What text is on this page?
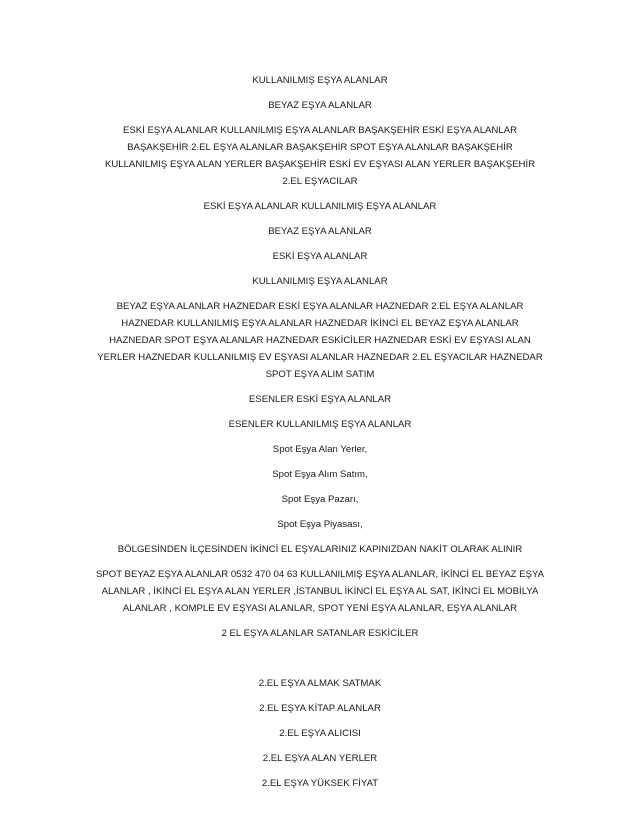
KULLANILMIŞ EŞYA ALANLAR

BEYAZ EŞYA ALANLAR

ESKİ EŞYA ALANLAR KULLANILMIŞ EŞYA ALANLAR BAŞAKŞEHİR ESKİ EŞYA ALANLAR BAŞAKŞEHİR 2.EL EŞYA ALANLAR BAŞAKŞEHİR SPOT EŞYA ALANLAR BAŞAKŞEHİR KULLANILMIŞ EŞYA ALAN YERLER BAŞAKŞEHİR ESKİ EV EŞYASI ALAN YERLER BAŞAKŞEHİR 2.EL EŞYACILAR

ESKİ EŞYA ALANLAR KULLANILMIŞ EŞYA ALANLAR

BEYAZ EŞYA ALANLAR

ESKİ EŞYA ALANLAR

KULLANILMIŞ EŞYA ALANLAR

BEYAZ EŞYA ALANLAR HAZNEDAR ESKİ EŞYA ALANLAR HAZNEDAR 2.EL EŞYA ALANLAR HAZNEDAR KULLANILMIŞ EŞYA ALANLAR HAZNEDAR İKİNCİ EL BEYAZ EŞYA ALANLAR HAZNEDAR SPOT EŞYA ALANLAR HAZNEDAR ESKİCİLER HAZNEDAR ESKİ EV EŞYASI ALAN YERLER HAZNEDAR KULLANILMIŞ EV EŞYASI ALANLAR HAZNEDAR 2.EL EŞYACILAR HAZNEDAR SPOT EŞYA ALIM SATIM

ESENLER ESKİ EŞYA ALANLAR

ESENLER KULLANILMIŞ EŞYA ALANLAR

Spot Eşya Alan Yerler,

Spot Eşya Alım Satım,

Spot Eşya Pazarı,

Spot Eşya Piyasası,

BÖLGESİNDEN İLÇESİNDEN İKİNCİ EL EŞYALARINIZ KAPINIZDAN NAKİT OLARAK ALINIR

SPOT BEYAZ EŞYA ALANLAR 0532 470 04 63 KULLANILMIŞ EŞYA ALANLAR, İKİNCİ EL BEYAZ EŞYA ALANLAR , İKİNCİ EL EŞYA ALAN YERLER ,İSTANBUL İKİNCİ EL EŞYA AL SAT, İKİNCİ EL MOBİLYA ALANLAR , KOMPLE EV EŞYASI ALANLAR, SPOT YENİ EŞYA ALANLAR, EŞYA ALANLAR

2 EL EŞYA ALANLAR SATANLAR ESKİCİLER

2.EL EŞYA ALMAK SATMAK

2.EL EŞYA KİTAP ALANLAR

2.EL EŞYA ALICISI

2.EL EŞYA ALAN YERLER

2.EL EŞYA YÜKSEK FİYAT
